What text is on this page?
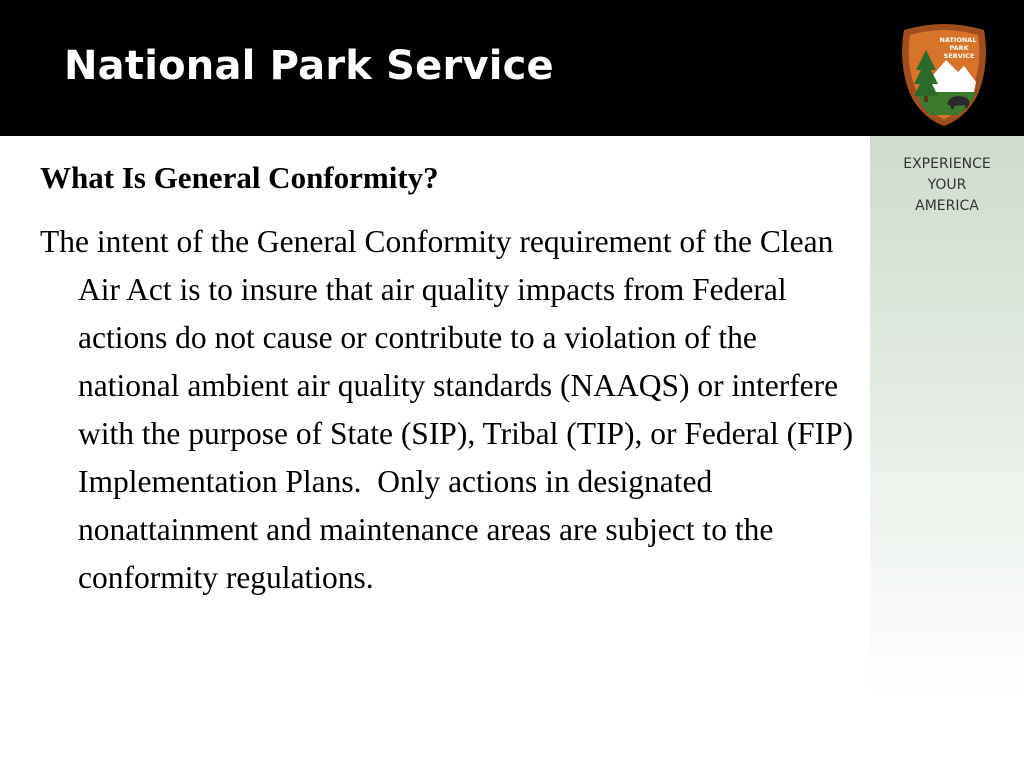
National Park Service
NATIONAL
PARK
SERVICE
EXPERIENCE
YOUR
AMERICA
What Is General Conformity?

The intent of the General Conformity requirement of the Clean Air Act is to insure that air quality impacts from Federal actions do not cause or contribute to a violation of the national ambient air quality standards (NAAQS) or interfere with the purpose of State (SIP), Tribal (TIP), or Federal (FIP) Implementation Plans.  Only actions in designated nonattainment and maintenance areas are subject to the conformity regulations.
